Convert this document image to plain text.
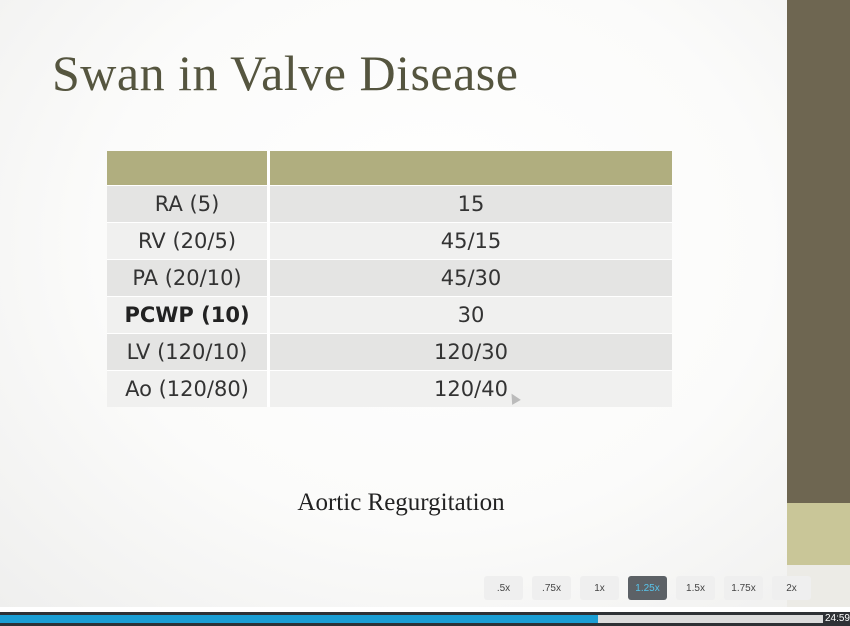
Swan in Valve Disease

RA (5)	15
RV (20/5)	45/15
PA (20/10)	45/30
PCWP (10)	30
LV (120/10)	120/30
Ao (120/80)	120/40
Aortic Regurgitation
.5x	.75x	1x	1.25x	1.5x	1.75x	2x
24:59
